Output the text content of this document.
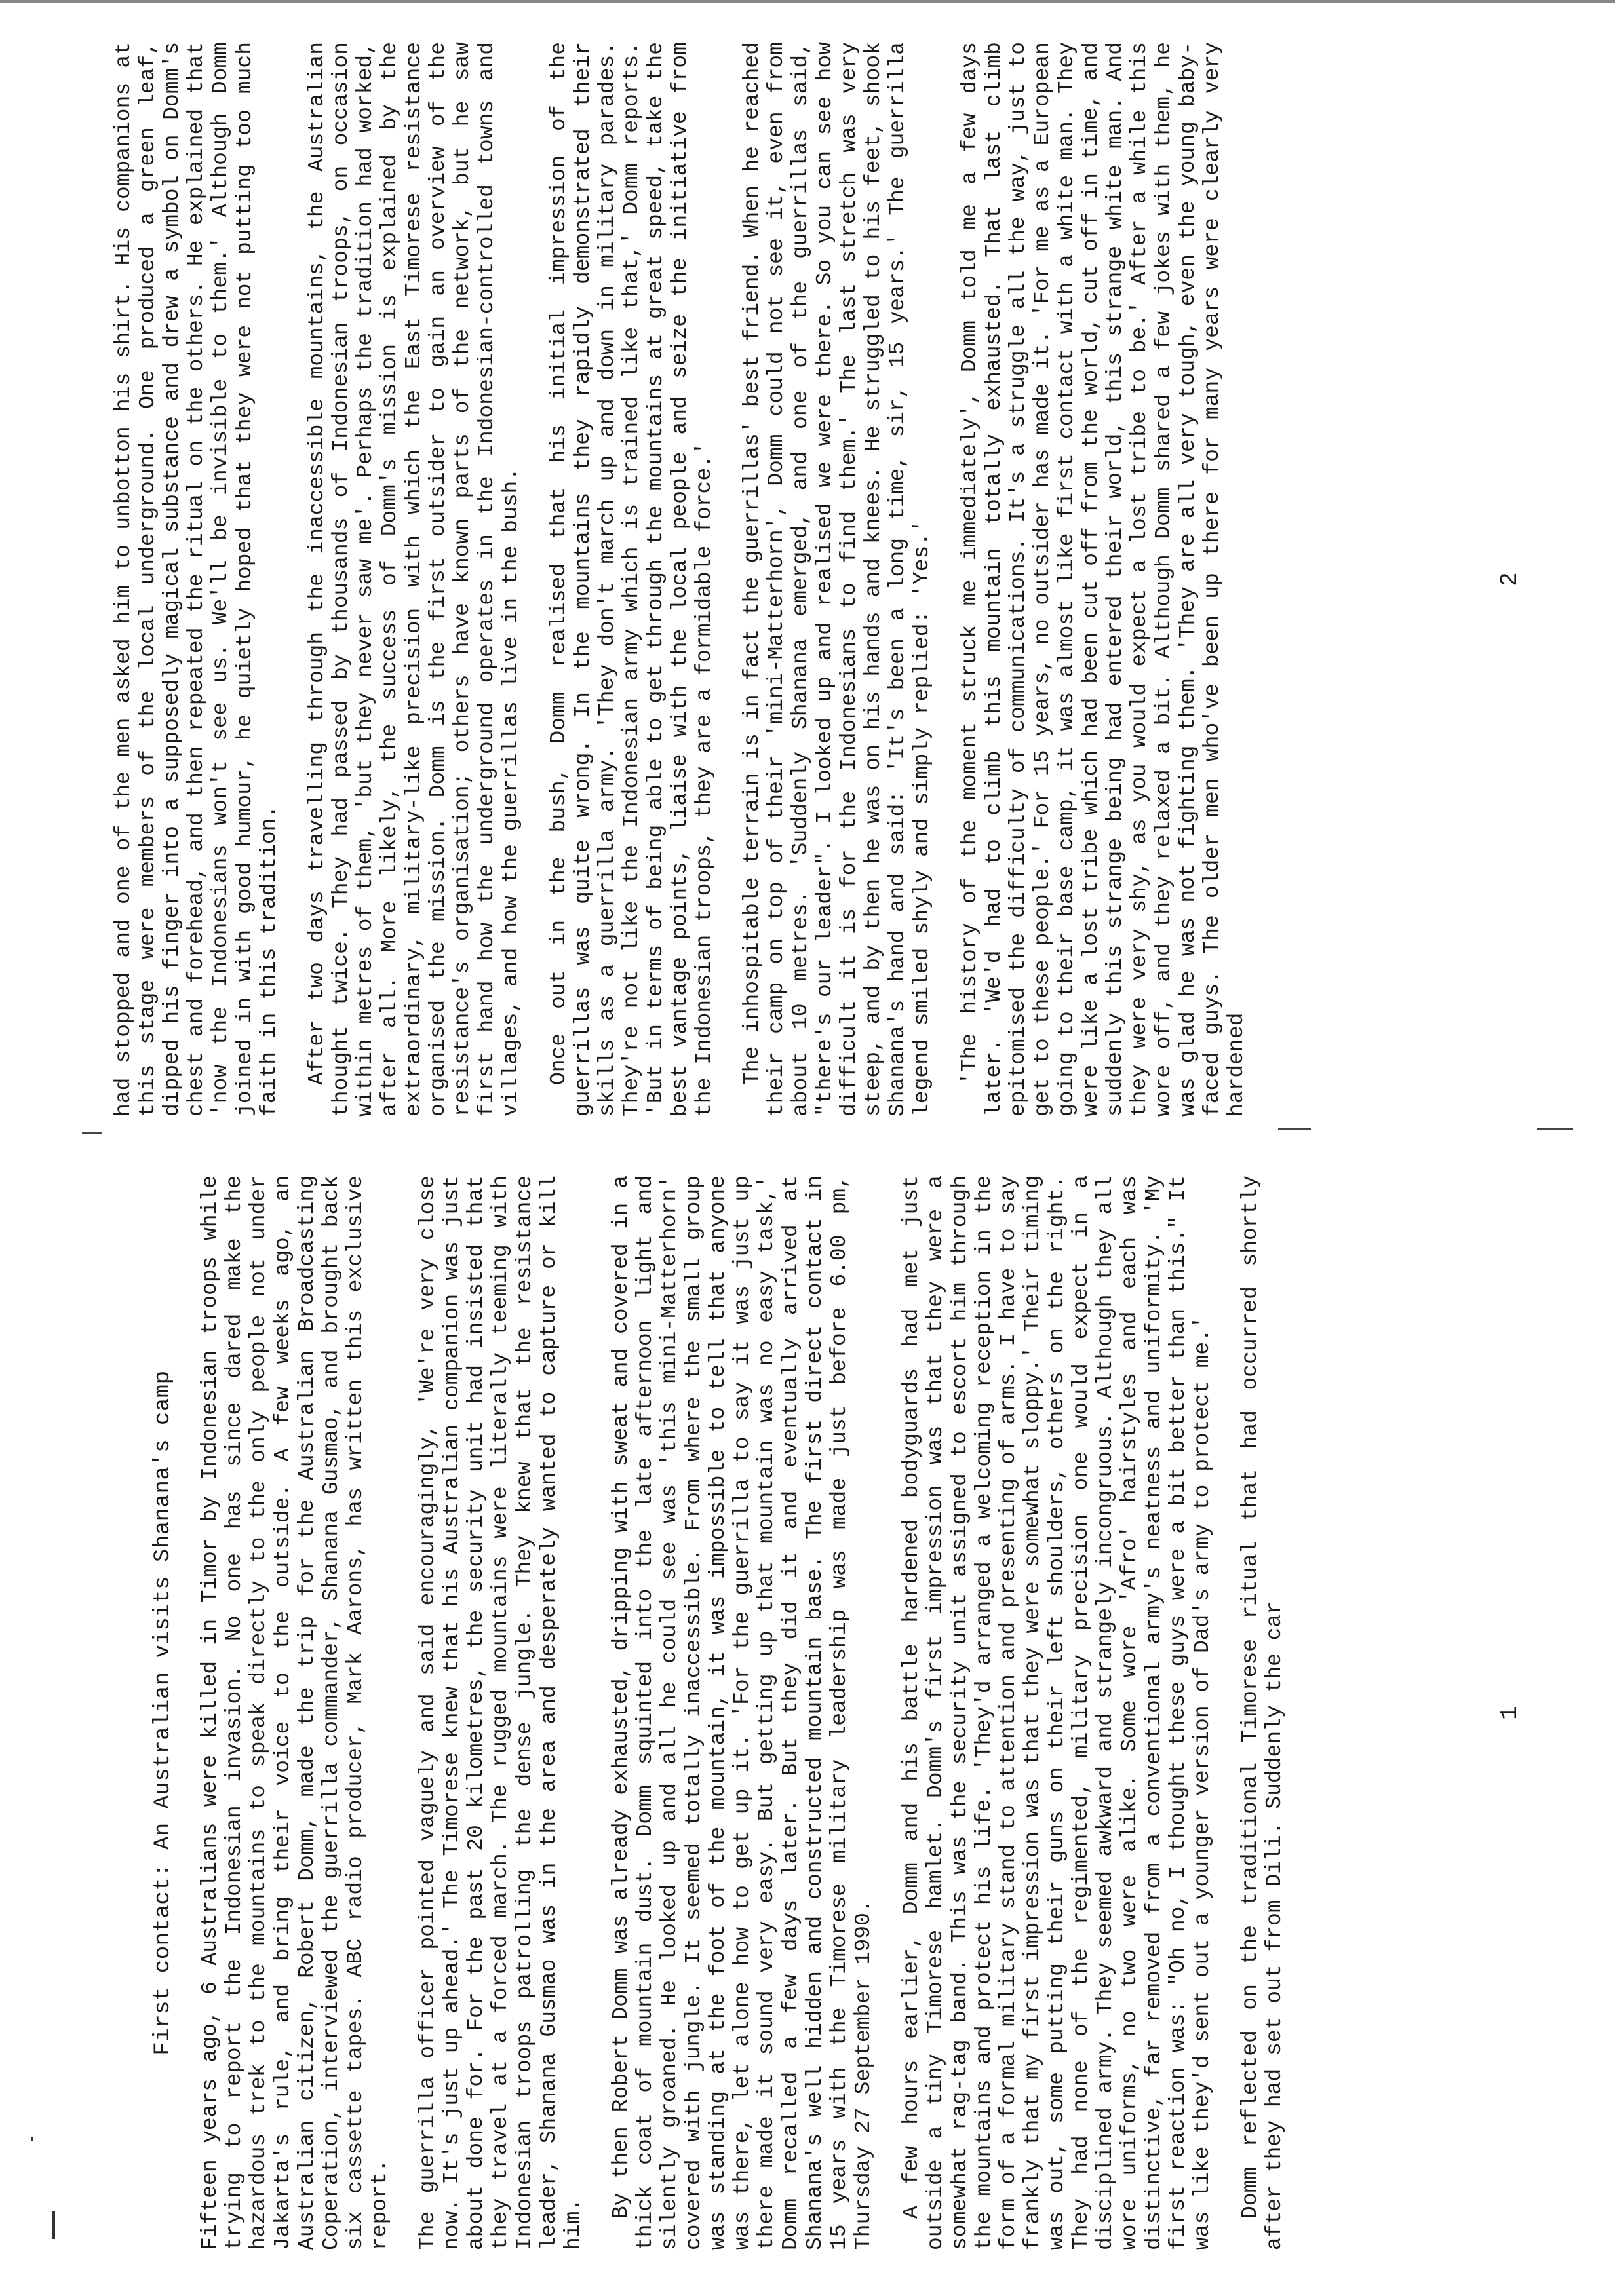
First contact: An Australian visits Shanana's camp Fifteen years ago, 6 Australians were killed in Timor by Indonesian troops while trying to report the Indonesian invasion. No one has since dared make the hazardous trek to the mountains to speak directly to the only people not under Jakarta's rule, and bring their voice to the outside. A few weeks ago, an Australian citizen, Robert Domm, made the trip for the Australian Broadcasting Coperation, interviewed the guerrilla commander, Shanana Gusmao, and brought back six cassette tapes. ABC radio producer, Mark Aarons, has written this exclusive report. The guerrilla officer pointed vaguely and said encouragingly, 'We're very close now. It's just up ahead.' The Timorese knew that his Australian companion was just about done for. For the past 20 kilometres, the security unit had insisted that they travel at a forced march. The rugged mountains were literally teeming with Indonesian troops patrolling the dense jungle. They knew that the resistance leader, Shanana Gusmao was in the area and desperately wanted to capture or kill him.

By then Robert Domm was already exhausted, dripping with sweat and covered in a thick coat of mountain dust. Domm squinted into the late afternoon light and silently groaned. He looked up and all he could see was 'this mini-Matterhorn' covered with jungle. It seemed totally inaccessible. From where the small group was standing at the foot of the mountain, it was impossible to tell that anyone was there, let alone how to get up it. 'For the guerrilla to say it was just up there made it sound very easy. But getting up that mountain was no easy task,' Domm recalled a few days later. But they did it and eventually arrived at Shanana's well hidden and constructed mountain base. The first direct contact in 15 years with the Timorese military leadership was made just before 6.00 pm, Thursday 27 September 1990. A few hours earlier, Domm and his battle hardened bodyguards had met just outside a tiny Timorese hamlet. Domm's first impression was that they were a somewhat rag-tag band. This was the security unit assigned to escort him through the mountains and protect his life. 'They'd arranged a welcoming reception in the form of a formal military stand to attention and presenting of arms. I have to say frankly that my first impression was that they were somewhat sloppy.' Their timing was out, some putting their guns on their left shoulders, others on the right. They had none of the regimented, military precision one would expect in a disciplined army. They seemed awkward and strangely incongruous. Although they all wore uniforms, no two were alike. Some wore 'Afro' hairstyles and each was distinctive, far removed from a conventional army's neatness and uniformity. 'My first reaction was: "Oh no, I thought these guys were a bit better than this." It was like they'd sent out a younger version of Dad's army to protect me.' Domm reflected on the traditional Timorese ritual that had occurred shortly after they had set out from Dili. Suddenly the car	1

had stopped and one of the men asked him to unbotton his shirt. His companions at this stage were members of the local underground. One produced a green leaf, dipped his finger into a supposedly magical substance and drew a symbol on Domm's chest and forehead, and then repeated the ritual on the others. He explained that 'now the Indonesians won't see us. We'll be invisible to them.' Although Domm joined in with good humour, he quietly hoped that they were not putting too much faith in this tradition. After two days travelling through the inaccessible mountains, the Australian thought twice. They had passed by thousands of Indonesian troops, on occasion within metres of them, 'but they never saw me'. Perhaps the tradition had worked, after all. More likely, the success of Domm's mission is explained by the extraordinary, military-like precision with which the East Timorese resistance organised the mission. Domm is the first outsider to gain an overview of the resistance's organisation; others have known parts of the network, but he saw first hand how the underground operates in the Indonesian-controlled towns and villages, and how the guerrillas live in the bush. Once out in the bush, Domm realised that his initial impression of the guerrillas was quite wrong. In the mountains they rapidly demonstrated their skills as a guerrilla army. 'They don't march up and down in military parades. They're not like the Indonesian army which is trained like that,' Domm reports. 'But in terms of being able to get through the mountains at great speed, take the best vantage points, liaise with the local people and seize the initiative from the Indonesian troops, they are a formidable force.' The inhospitable terrain is in fact the guerrillas' best friend. When he reached their camp on top of their 'mini-Matterhorn', Domm could not see it, even from about 10 metres. 'Suddenly Shanana emerged, and one of the guerrillas said, "there's our leader". I looked up and realised we were there. So you can see how difficult it is for the Indonesians to find them.' The last stretch was very steep, and by then he was on his hands and knees. He struggled to his feet, shook Shanana's hand and said: 'It's been a long time, sir, 15 years.' The guerrilla legend smiled shyly and simply replied: 'Yes.' 'The history of the moment struck me immediately', Domm told me a few days later. 'We'd had to climb this mountain totally exhausted. That last climb epitomised the difficulty of communications. It's a struggle all the way, just to get to these people.' For 15 years, no outsider has made it. 'For me as a European going to their base camp, it was almost like first contact with a white man. They were like a lost tribe which had been cut off from the world, cut off in time, and suddenly this strange being had entered their world, this strange white man. And they were very shy, as you would expect a lost tribe to be.' After a while this wore off, and they relaxed a bit. Although Domm shared a few jokes with them, he was glad he was not fighting them. 'They are all very tough, even the young baby-faced guys. The older men who've been up there for many years were clearly very hardened

2
